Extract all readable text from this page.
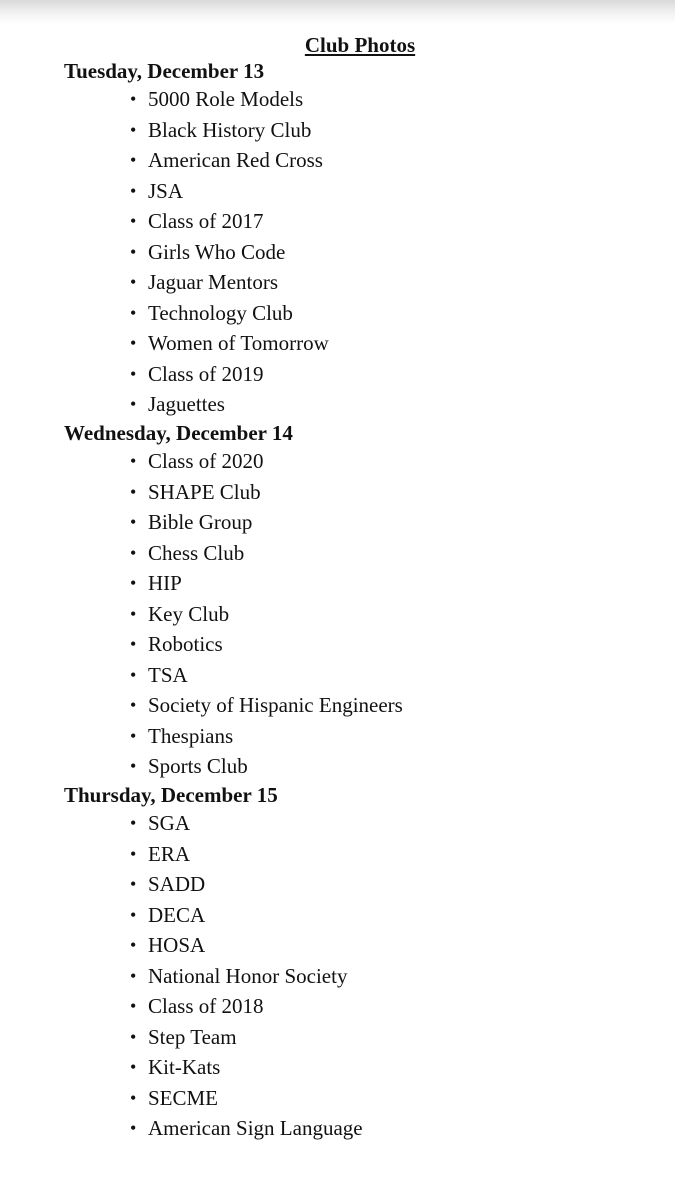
Club Photos
Tuesday, December 13
• 5000 Role Models
• Black History Club
• American Red Cross
• JSA
• Class of 2017
• Girls Who Code
• Jaguar Mentors
• Technology Club
• Women of Tomorrow
• Class of 2019
• Jaguettes
Wednesday, December 14
• Class of 2020
• SHAPE Club
• Bible Group
• Chess Club
• HIP
• Key Club
• Robotics
• TSA
• Society of Hispanic Engineers
• Thespians
• Sports Club
Thursday, December 15
• SGA
• ERA
• SADD
• DECA
• HOSA
• National Honor Society
• Class of 2018
• Step Team
• Kit-Kats
• SECME
• American Sign Language
